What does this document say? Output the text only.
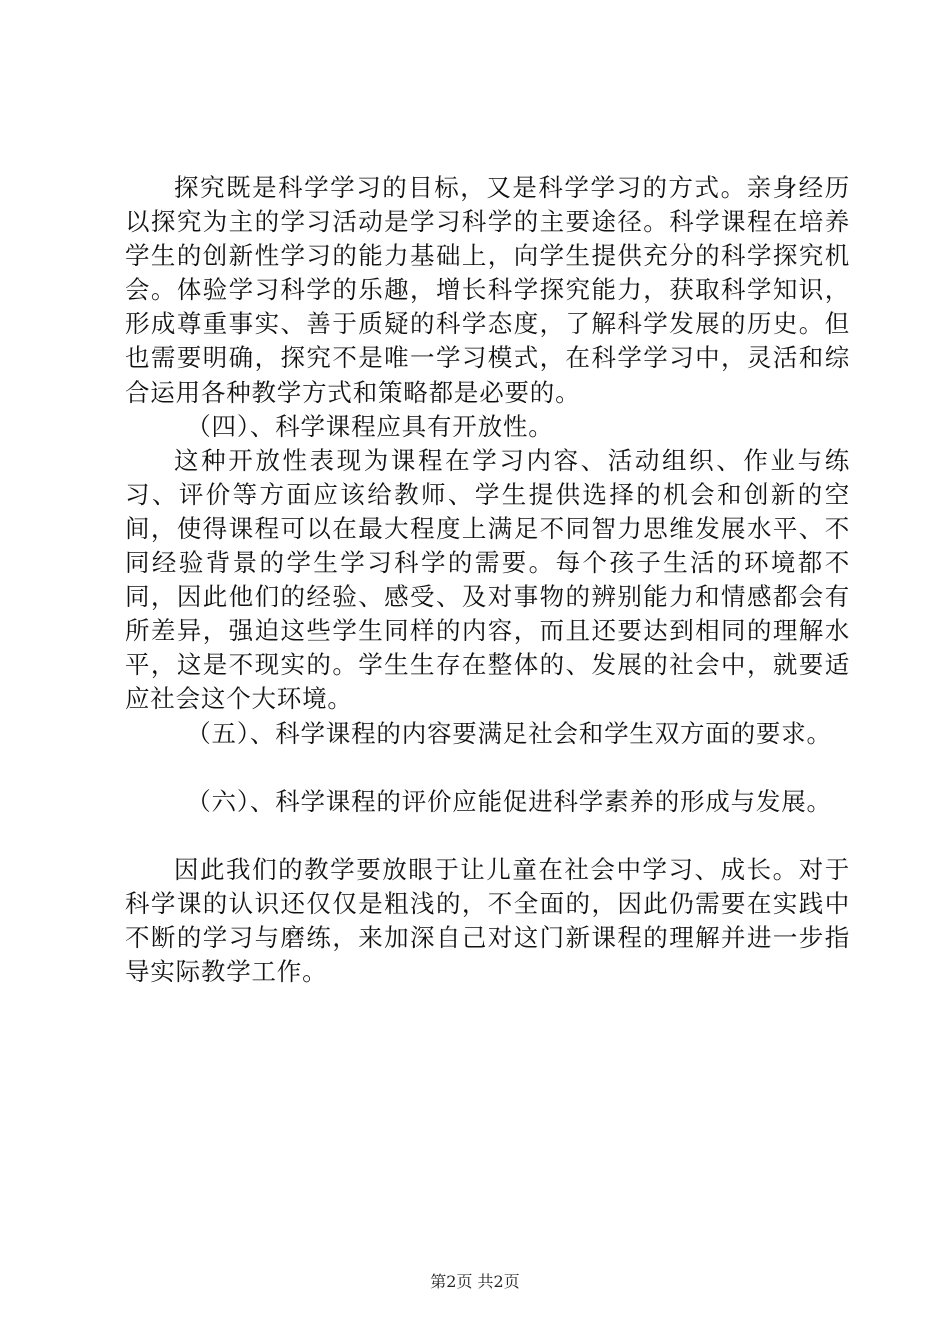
探究既是科学学习的目标，又是科学学习的方式。亲身经历以探究为主的学习活动是学习科学的主要途径。科学课程在培养学生的创新性学习的能力基础上，向学生提供充分的科学探究机会。体验学习科学的乐趣，增长科学探究能力，获取科学知识，形成尊重事实、善于质疑的科学态度，了解科学发展的历史。但也需要明确，探究不是唯一学习模式，在科学学习中，灵活和综合运用各种教学方式和策略都是必要的。

（四）、科学课程应具有开放性。

这种开放性表现为课程在学习内容、活动组织、作业与练习、评价等方面应该给教师、学生提供选择的机会和创新的空间，使得课程可以在最大程度上满足不同智力思维发展水平、不同经验背景的学生学习科学的需要。每个孩子生活的环境都不同，因此他们的经验、感受、及对事物的辨别能力和情感都会有所差异，强迫这些学生同样的内容，而且还要达到相同的理解水平，这是不现实的。学生生存在整体的、发展的社会中，就要适应社会这个大环境。

（五）、科学课程的内容要满足社会和学生双方面的要求。

（六）、科学课程的评价应能促进科学素养的形成与发展。

因此我们的教学要放眼于让儿童在社会中学习、成长。对于科学课的认识还仅仅是粗浅的，不全面的，因此仍需要在实践中不断的学习与磨练，来加深自己对这门新课程的理解并进一步指导实际教学工作。

第2页 共2页
